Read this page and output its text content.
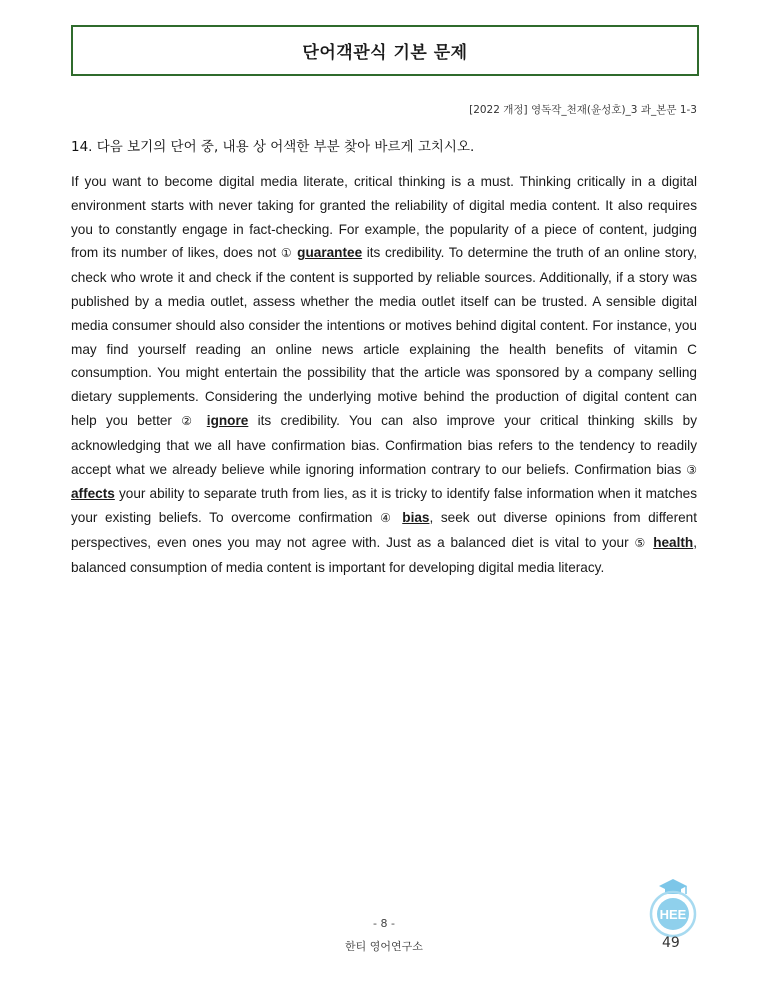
단어객관식 기본 문제
[2022 개정] 영독작_천재(윤성호)_3 과_본문 1-3
14. 다음 보기의 단어 중, 내용 상 어색한 부분 찾아 바르게 고치시오.
If you want to become digital media literate, critical thinking is a must. Thinking critically in a digital environment starts with never taking for granted the reliability of digital media content. It also requires you to constantly engage in fact-checking. For example, the popularity of a piece of content, judging from its number of likes, does not ① guarantee its credibility. To determine the truth of an online story, check who wrote it and check if the content is supported by reliable sources. Additionally, if a story was published by a media outlet, assess whether the media outlet itself can be trusted. A sensible digital media consumer should also consider the intentions or motives behind digital content. For instance, you may find yourself reading an online news article explaining the health benefits of vitamin C consumption. You might entertain the possibility that the article was sponsored by a company selling dietary supplements. Considering the underlying motive behind the production of digital content can help you better ② ignore its credibility. You can also improve your critical thinking skills by acknowledging that we all have confirmation bias. Confirmation bias refers to the tendency to readily accept what we already believe while ignoring information contrary to our beliefs. Confirmation bias ③ affects your ability to separate truth from lies, as it is tricky to identify false information when it matches your existing beliefs. To overcome confirmation ④ bias, seek out diverse opinions from different perspectives, even ones you may not agree with. Just as a balanced diet is vital to your ⑤ health, balanced consumption of media content is important for developing digital media literacy.
- 8 -
한티 영어연구소
HEE
49
